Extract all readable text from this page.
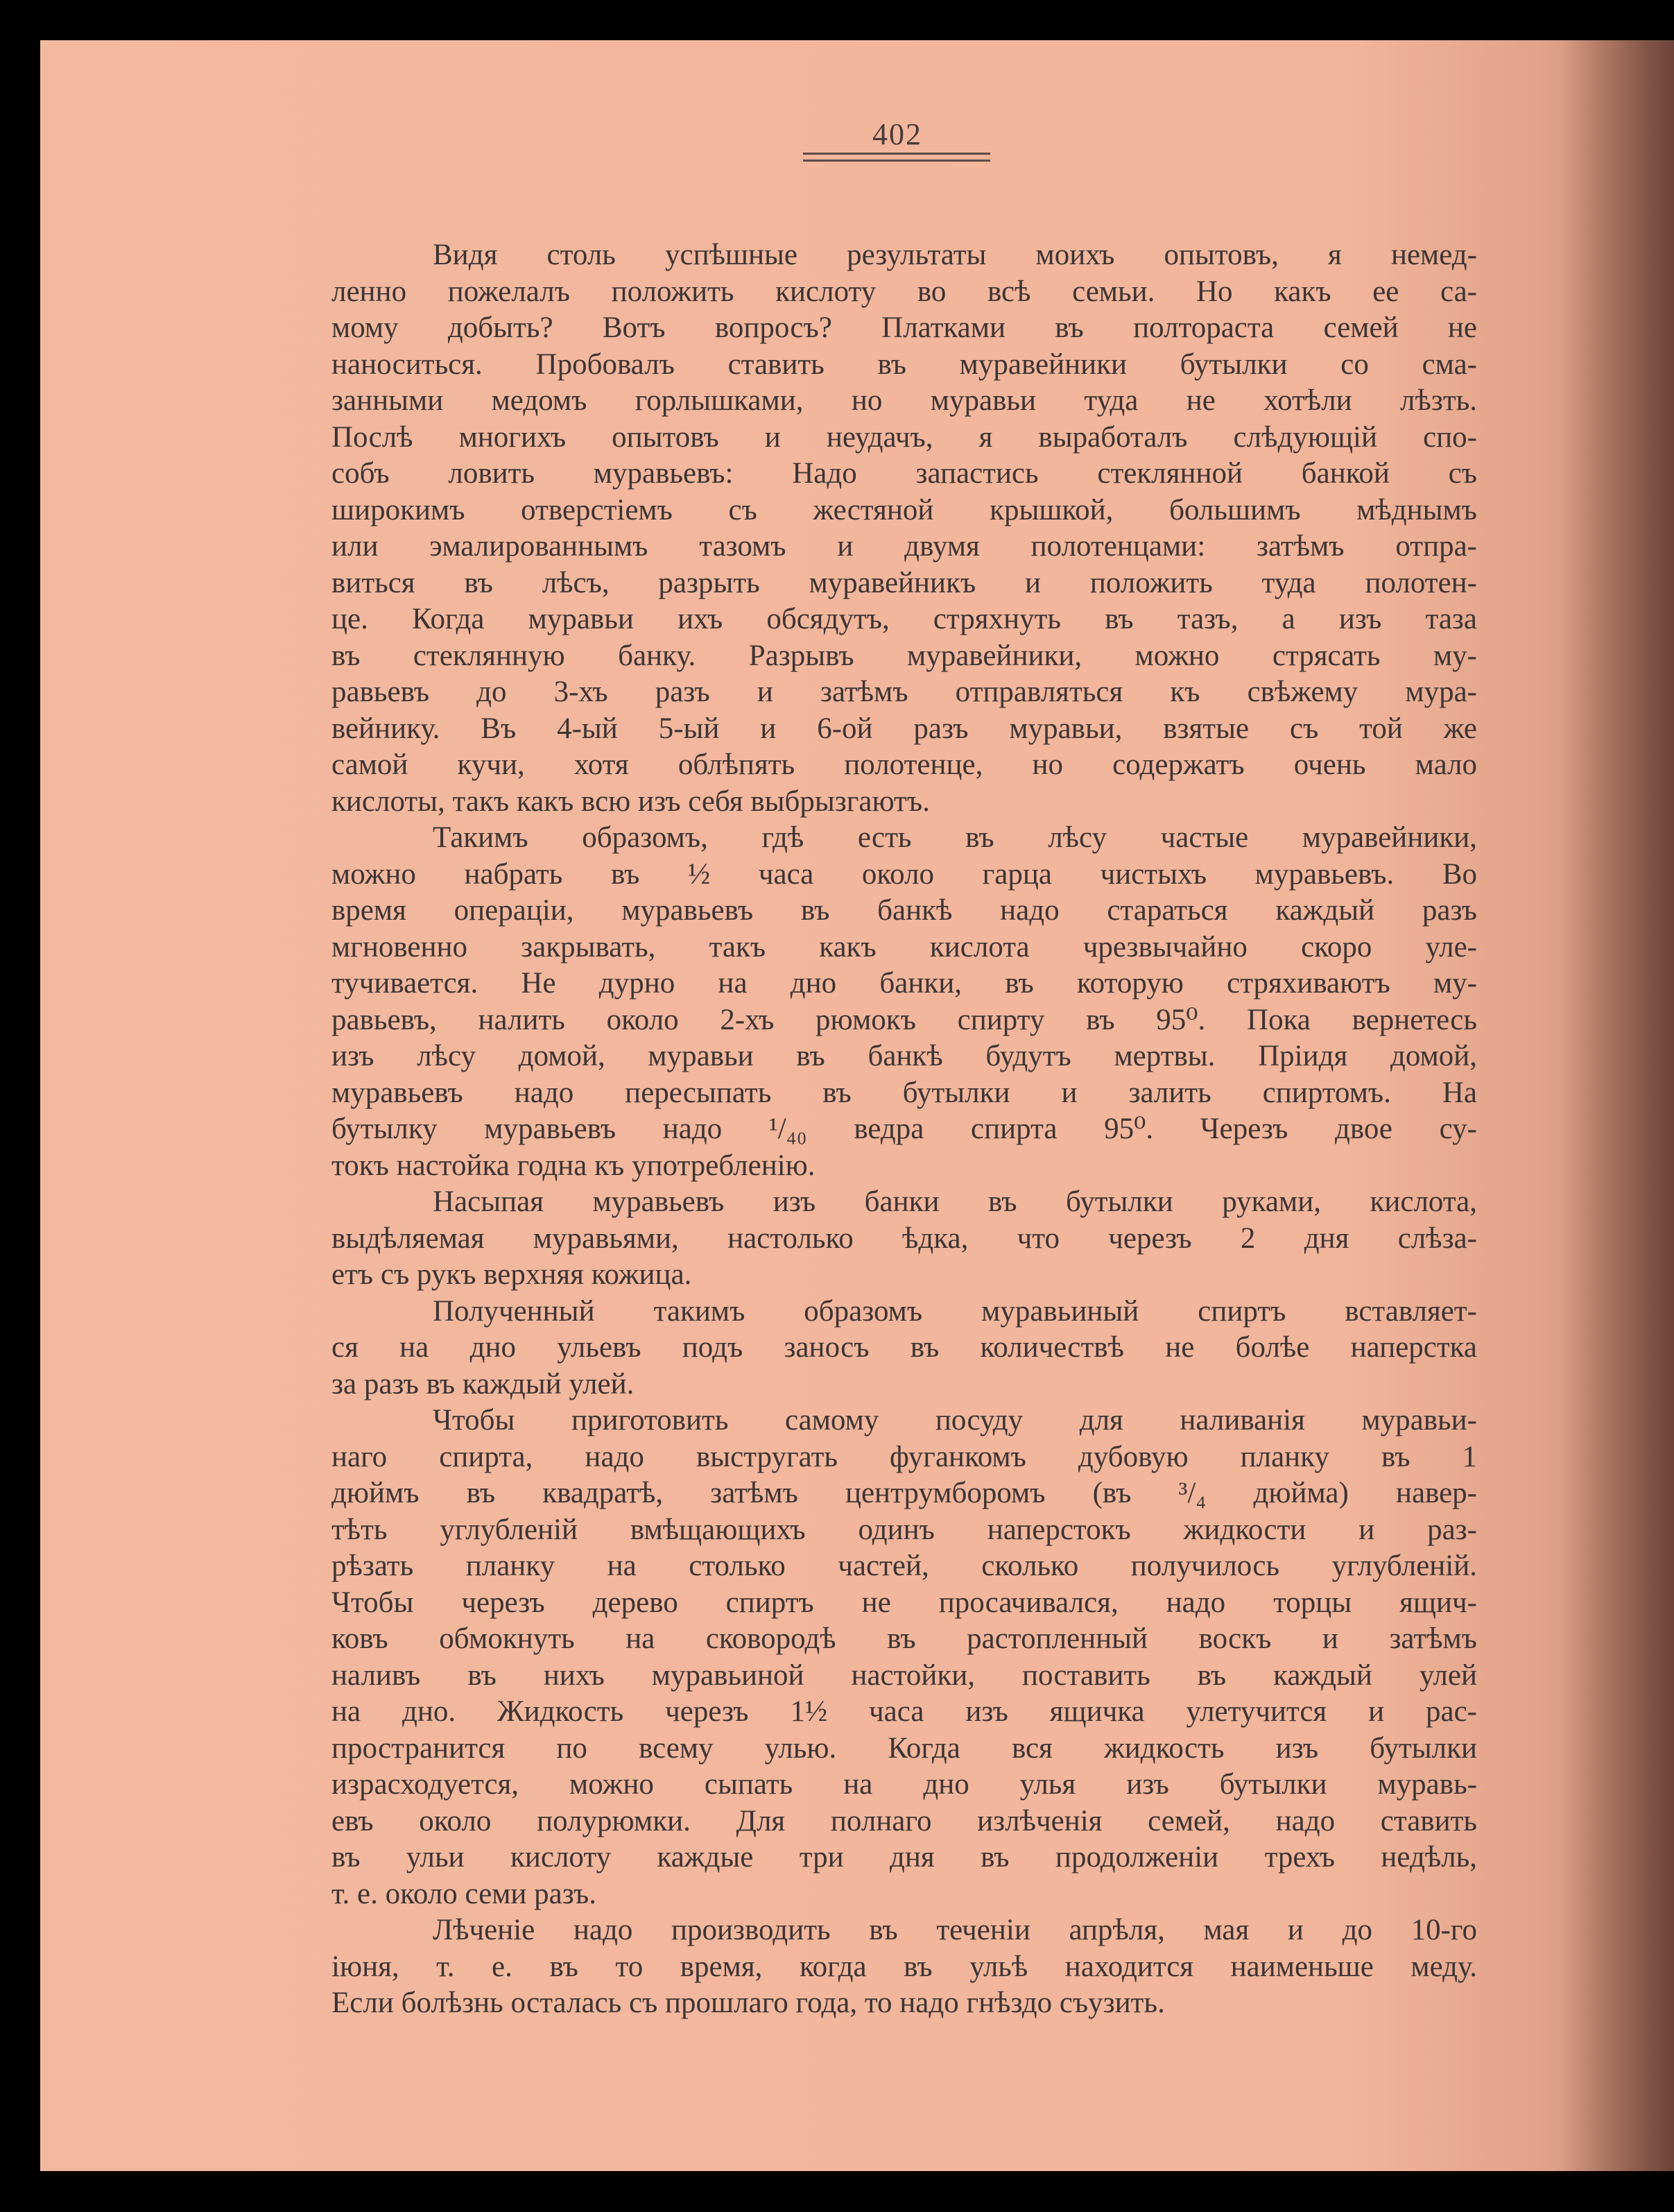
402
Видя столь успѣшные результаты моихъ опытовъ, я немед-
ленно пожелалъ положить кислоту во всѣ семьи. Но какъ ее са-
мому добыть? Вотъ вопросъ? Платками въ полтораста семей не
наноситься. Пробовалъ ставить въ муравейники бутылки со сма-
занными медомъ горлышками, но муравьи туда не хотѣли лѣзть.
Послѣ многихъ опытовъ и неудачъ, я выработалъ слѣдующій спо-
собъ ловить муравьевъ: Надо запастись стеклянной банкой съ
широкимъ отверстіемъ съ жестяной крышкой, большимъ мѣднымъ
или эмалированнымъ тазомъ и двумя полотенцами: затѣмъ отпра-
виться въ лѣсъ, разрыть муравейникъ и положить туда полотен-
це. Когда муравьи ихъ обсядутъ, стряхнуть въ тазъ, а изъ таза
въ стеклянную банку. Разрывъ муравейники, можно стрясать му-
равьевъ до 3-хъ разъ и затѣмъ отправляться къ свѣжему мура-
вейнику. Въ 4-ый 5-ый и 6-ой разъ муравьи, взятые съ той же
самой кучи, хотя облѣпять полотенце, но содержатъ очень мало
кислоты, такъ какъ всю изъ себя выбрызгаютъ.
Такимъ образомъ, гдѣ есть въ лѣсу частые муравейники,
можно набрать въ ½ часа около гарца чистыхъ муравьевъ. Во
время операціи, муравьевъ въ банкѣ надо стараться каждый разъ
мгновенно закрывать, такъ какъ кислота чрезвычайно скоро уле-
тучивается. Не дурно на дно банки, въ которую стряхиваютъ му-
равьевъ, налить около 2-хъ рюмокъ спирту въ 95⁰. Пока вернетесь
изъ лѣсу домой, муравьи въ банкѣ будутъ мертвы. Пріидя домой,
муравьевъ надо пересыпать въ бутылки и залить спиртомъ. На
бутылку муравьевъ надо ¹/₄₀ ведра спирта 95⁰. Черезъ двое су-
токъ настойка годна къ употребленію.
Насыпая муравьевъ изъ банки въ бутылки руками, кислота,
выдѣляемая муравьями, настолько ѣдка, что черезъ 2 дня слѣза-
етъ съ рукъ верхняя кожица.
Полученный такимъ образомъ муравьиный спиртъ вставляет-
ся на дно ульевъ подъ заносъ въ количествѣ не болѣе наперстка
за разъ въ каждый улей.
Чтобы приготовить самому посуду для наливанія муравьи-
наго спирта, надо выстругать фуганкомъ дубовую планку въ 1
дюймъ въ квадратѣ, затѣмъ центрумборомъ (въ ³/₄ дюйма) навер-
тѣть углубленій вмѣщающихъ одинъ наперстокъ жидкости и раз-
рѣзать планку на столько частей, сколько получилось углубленій.
Чтобы черезъ дерево спиртъ не просачивался, надо торцы ящич-
ковъ обмокнуть на сковородѣ въ растопленный воскъ и затѣмъ
наливъ въ нихъ муравьиной настойки, поставить въ каждый улей
на дно. Жидкость черезъ 1½ часа изъ ящичка улетучится и рас-
пространится по всему улью. Когда вся жидкость изъ бутылки
израсходуется, можно сыпать на дно улья изъ бутылки муравь-
евъ около полурюмки. Для полнаго излѣченія семей, надо ставить
въ ульи кислоту каждые три дня въ продолженіи трехъ недѣль,
т. е. около семи разъ.
Лѣченіе надо производить въ теченіи апрѣля, мая и до 10-го
іюня, т. е. въ то время, когда въ ульѣ находится наименьше меду.
Если болѣзнь осталась съ прошлаго года, то надо гнѣздо съузить.
